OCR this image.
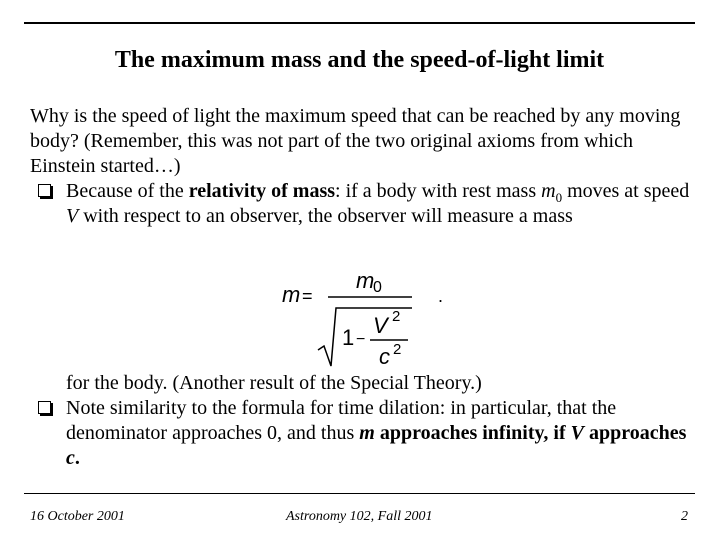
The maximum mass and the speed-of-light limit

Why is the speed of light the maximum speed that can be reached by any moving body? (Remember, this was not part of the two original axioms from which Einstein started…)

Because of the relativity of mass: if a body with rest mass $m_0$ moves at speed V with respect to an observer, the observer will measure a mass

m =
m
0
1 −
V 2
c 2
.

for the body. (Another result of the Special Theory.)

Note similarity to the formula for time dilation: in particular, that the denominator approaches 0, and thus m approaches infinity, if V approaches c.

16 October 2001	Astronomy 102, Fall 2001	2
